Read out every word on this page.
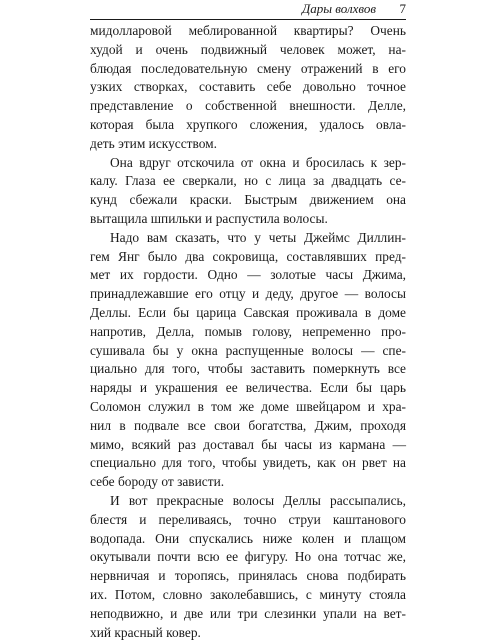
Дары волхвов 7
мидолларовой меблированной квартиры? Очень
худой и очень подвижный человек может, на-
блюдая последовательную смену отражений в его
узких створках, составить себе довольно точное
представление о собственной внешности. Делле,
которая была хрупкого сложения, удалось овла-
деть этим искусством.
Она вдруг отскочила от окна и бросилась к зер-
калу. Глаза ее сверкали, но с лица за двадцать се-
кунд сбежали краски. Быстрым движением она
вытащила шпильки и распустила волосы.
Надо вам сказать, что у четы Джеймс Диллин-
гем Янг было два сокровища, составлявших пред-
мет их гордости. Одно — золотые часы Джима,
принадлежавшие его отцу и деду, другое — волосы
Деллы. Если бы царица Савская проживала в доме
напротив, Делла, помыв голову, непременно про-
сушивала бы у окна распущенные волосы — спе-
циально для того, чтобы заставить померкнуть все
наряды и украшения ее величества. Если бы царь
Соломон служил в том же доме швейцаром и хра-
нил в подвале все свои богатства, Джим, проходя
мимо, всякий раз доставал бы часы из кармана —
специально для того, чтобы увидеть, как он рвет на
себе бороду от зависти.
И вот прекрасные волосы Деллы рассыпались,
блестя и переливаясь, точно струи каштанового
водопада. Они спускались ниже колен и плащом
окутывали почти всю ее фигуру. Но она тотчас же,
нервничая и торопясь, принялась снова подбирать
их. Потом, словно заколебавшись, с минуту стояла
неподвижно, и две или три слезинки упали на вет-
хий красный ковер.
